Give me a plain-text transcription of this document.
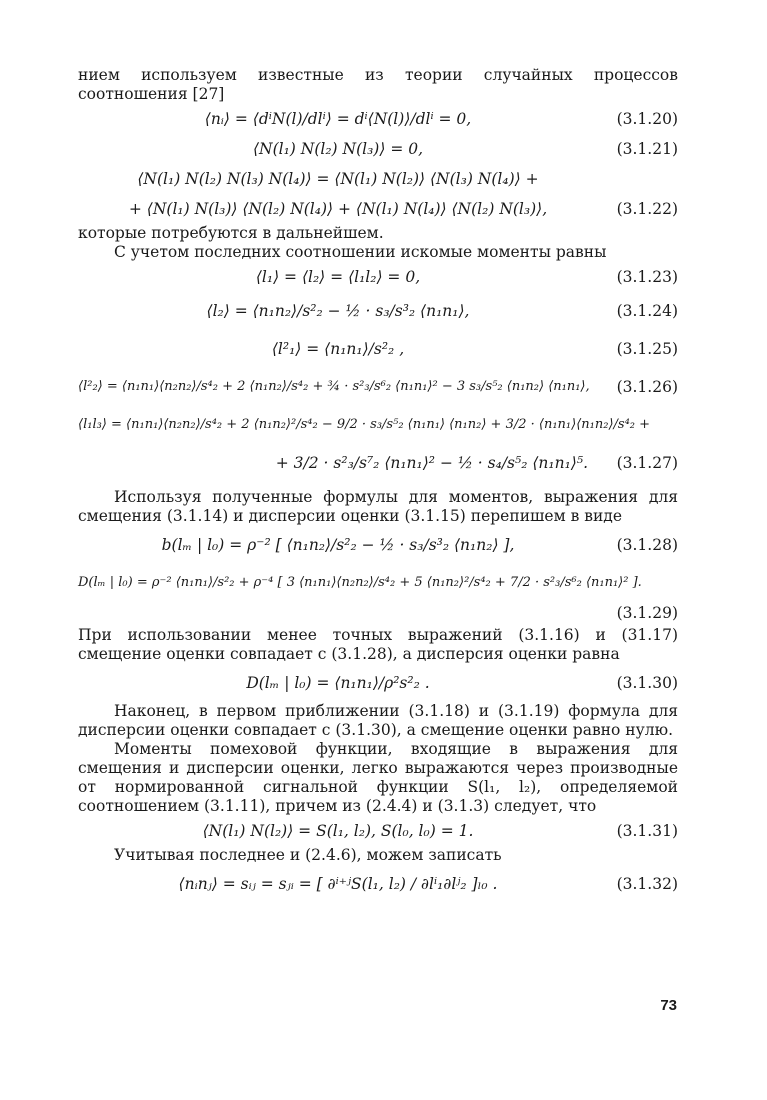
нием используем известные из теории случайных процессов соотношения [27]

⟨nᵢ⟩ = ⟨dⁱN(l)/dlⁱ⟩ = dⁱ⟨N(l)⟩/dlⁱ = 0,	(3.1.20)
⟨N(l₁) N(l₂) N(l₃)⟩ = 0,	(3.1.21)
⟨N(l₁) N(l₂) N(l₃) N(l₄)⟩ = ⟨N(l₁) N(l₂)⟩ ⟨N(l₃) N(l₄)⟩ +
+ ⟨N(l₁) N(l₃)⟩ ⟨N(l₂) N(l₄)⟩ + ⟨N(l₁) N(l₄)⟩ ⟨N(l₂) N(l₃)⟩,	(3.1.22)

которые потребуются в дальнейшем.

С учетом последних соотношении искомые моменты равны

⟨l₁⟩ = ⟨l₂⟩ = ⟨l₁l₂⟩ = 0,	(3.1.23)
⟨l₂⟩ = ⟨n₁n₂⟩/s²₂ − ½ · s₃/s³₂ ⟨n₁n₁⟩,	(3.1.24)
⟨l²₁⟩ = ⟨n₁n₁⟩/s²₂ ,	(3.1.25)
⟨l²₂⟩ = ⟨n₁n₁⟩⟨n₂n₂⟩/s⁴₂ + 2 ⟨n₁n₂⟩/s⁴₂ + ¾ · s²₃/s⁶₂ ⟨n₁n₁⟩² − 3 s₃/s⁵₂ ⟨n₁n₂⟩ ⟨n₁n₁⟩,	(3.1.26)
⟨l₁l₃⟩ = ⟨n₁n₁⟩⟨n₂n₂⟩/s⁴₂ + 2 ⟨n₁n₂⟩²/s⁴₂ − 9/2 · s₃/s⁵₂ ⟨n₁n₁⟩ ⟨n₁n₂⟩ + 3/2 · ⟨n₁n₁⟩⟨n₁n₂⟩/s⁴₂ +
+ 3/2 · s²₃/s⁷₂ ⟨n₁n₁⟩² − ½ · s₄/s⁵₂ ⟨n₁n₁⟩⁵. (3.1.27)

Используя полученные формулы для моментов, выражения для смещения (3.1.14) и дисперсии оценки (3.1.15) перепишем в виде

b(lₘ | l₀) = ρ⁻² [ ⟨n₁n₂⟩/s²₂ − ½ · s₃/s³₂ ⟨n₁n₂⟩ ],	(3.1.28)
D(lₘ | l₀) = ρ⁻² ⟨n₁n₁⟩/s²₂ + ρ⁻⁴ [ 3 ⟨n₁n₁⟩⟨n₂n₂⟩/s⁴₂ + 5 ⟨n₁n₂⟩²/s⁴₂ + 7/2 · s²₃/s⁶₂ ⟨n₁n₁⟩² ].
(3.1.29)

При использовании менее точных выражений (3.1.16) и (31.17) смещение оценки совпадает с (3.1.28), а дисперсия оценки равна

D(lₘ | l₀) = ⟨n₁n₁⟩/ρ²s²₂ .	(3.1.30)

Наконец, в первом приближении (3.1.18) и (3.1.19) формула для дисперсии оценки совпадает с (3.1.30), а смещение оценки равно нулю.

Моменты помеховой функции, входящие в выражения для смещения и дисперсии оценки, легко выражаются через производные от нормированной сигнальной функции S(l₁, l₂), определяемой соотношением (3.1.11), причем из (2.4.4) и (3.1.3) следует, что

⟨N(l₁) N(l₂)⟩ = S(l₁, l₂), S(l₀, l₀) = 1.	(3.1.31)

Учитывая последнее и (2.4.6), можем записать

⟨nᵢnⱼ⟩ = sᵢⱼ = sⱼᵢ = [ ∂ⁱ⁺ʲS(l₁, l₂) / ∂lⁱ₁∂lʲ₂ ]ₗ₀ .	(3.1.32)
73
